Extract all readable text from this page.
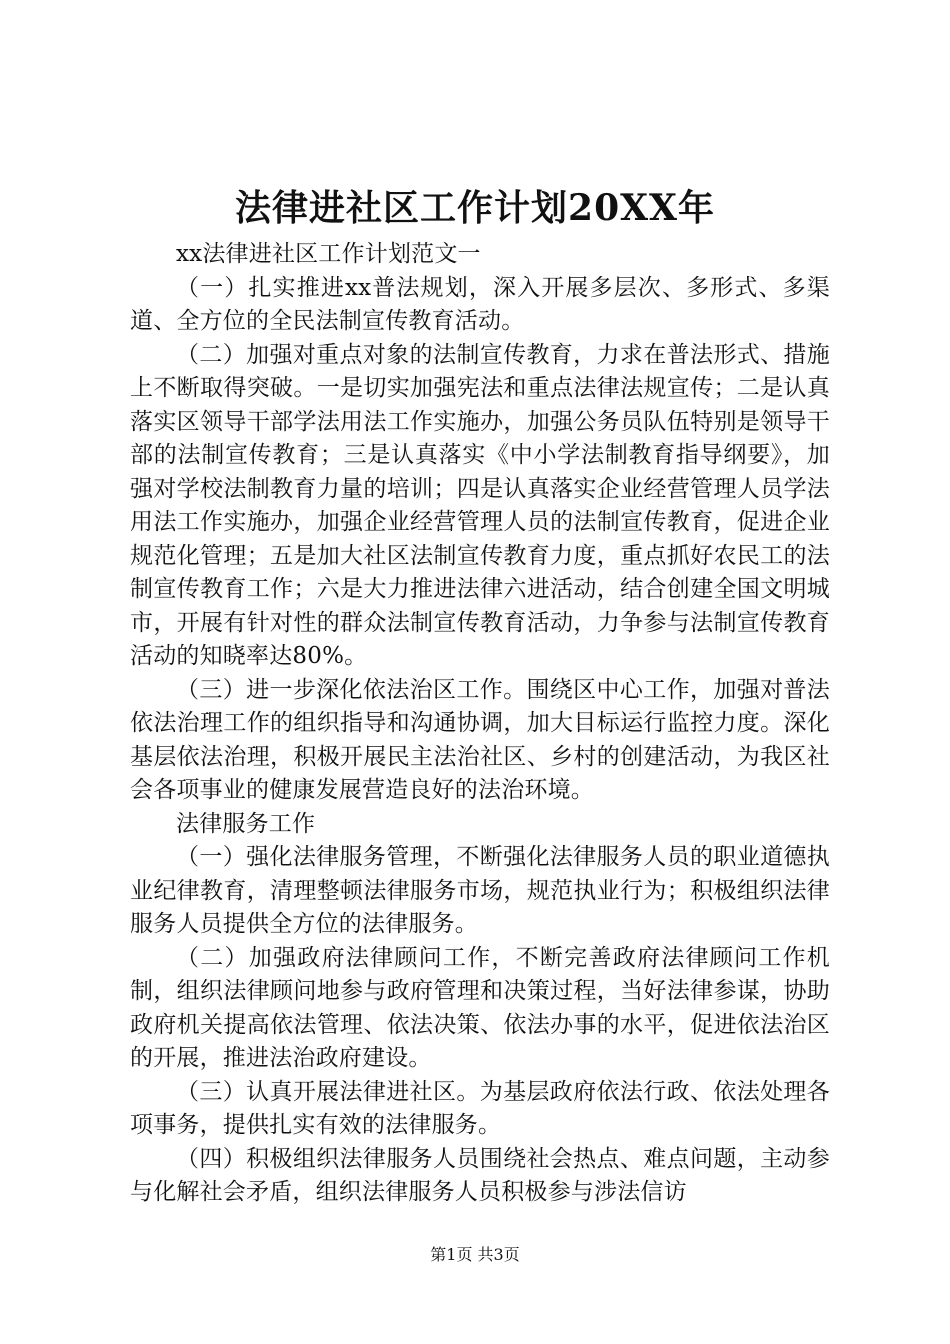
法律进社区工作计划20XX年

xx法律进社区工作计划范文一

（一）扎实推进xx普法规划，深入开展多层次、多形式、多渠道、全方位的全民法制宣传教育活动。

（二）加强对重点对象的法制宣传教育，力求在普法形式、措施上不断取得突破。一是切实加强宪法和重点法律法规宣传；二是认真落实区领导干部学法用法工作实施办，加强公务员队伍特别是领导干部的法制宣传教育；三是认真落实《中小学法制教育指导纲要》，加强对学校法制教育力量的培训；四是认真落实企业经营管理人员学法用法工作实施办，加强企业经营管理人员的法制宣传教育，促进企业规范化管理；五是加大社区法制宣传教育力度，重点抓好农民工的法制宣传教育工作；六是大力推进法律六进活动，结合创建全国文明城市，开展有针对性的群众法制宣传教育活动，力争参与法制宣传教育活动的知晓率达80%。

（三）进一步深化依法治区工作。围绕区中心工作，加强对普法依法治理工作的组织指导和沟通协调，加大目标运行监控力度。深化基层依法治理，积极开展民主法治社区、乡村的创建活动，为我区社会各项事业的健康发展营造良好的法治环境。

法律服务工作

（一）强化法律服务管理，不断强化法律服务人员的职业道德执业纪律教育，清理整顿法律服务市场，规范执业行为；积极组织法律服务人员提供全方位的法律服务。

（二）加强政府法律顾问工作，不断完善政府法律顾问工作机制，组织法律顾问地参与政府管理和决策过程，当好法律参谋，协助政府机关提高依法管理、依法决策、依法办事的水平，促进依法治区的开展，推进法治政府建设。

（三）认真开展法律进社区。为基层政府依法行政、依法处理各项事务，提供扎实有效的法律服务。

（四）积极组织法律服务人员围绕社会热点、难点问题，主动参与化解社会矛盾，组织法律服务人员积极参与涉法信访

第1页 共3页
